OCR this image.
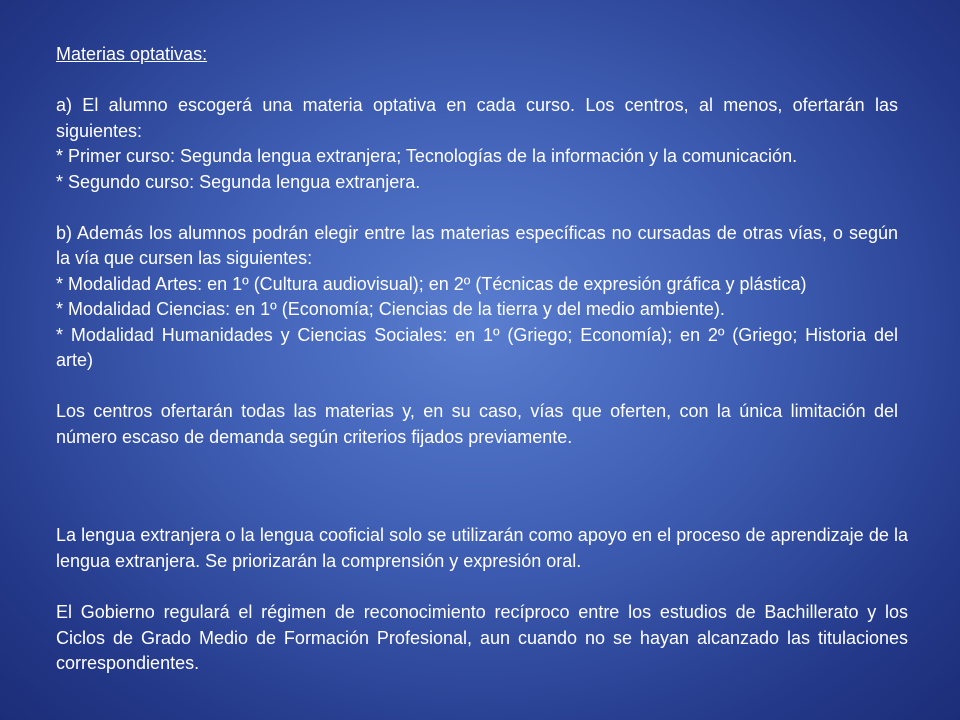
Materias optativas:

a) El alumno escogerá una materia optativa en cada curso. Los centros, al menos, ofertarán las siguientes:

* Primer curso: Segunda lengua extranjera; Tecnologías de la información y la comunicación.

* Segundo curso: Segunda lengua extranjera.

b) Además los alumnos podrán elegir entre las materias específicas no cursadas de otras vías, o según la vía que cursen las siguientes:

* Modalidad Artes: en 1º (Cultura audiovisual); en 2º (Técnicas de expresión gráfica y plástica)

* Modalidad Ciencias: en 1º (Economía; Ciencias de la tierra y del medio ambiente).

* Modalidad Humanidades y Ciencias Sociales: en 1º (Griego; Economía); en 2º (Griego; Historia del arte)

Los centros ofertarán todas las materias y, en su caso, vías que oferten, con la única limitación del número escaso de demanda según criterios fijados previamente.

La lengua extranjera o la lengua cooficial solo se utilizarán como apoyo en el proceso de aprendizaje de la lengua extranjera. Se priorizarán la comprensión y expresión oral.

El Gobierno regulará el régimen de reconocimiento recíproco entre los estudios de Bachillerato y los Ciclos de Grado Medio de Formación Profesional, aun cuando no se hayan alcanzado las titulaciones correspondientes.
